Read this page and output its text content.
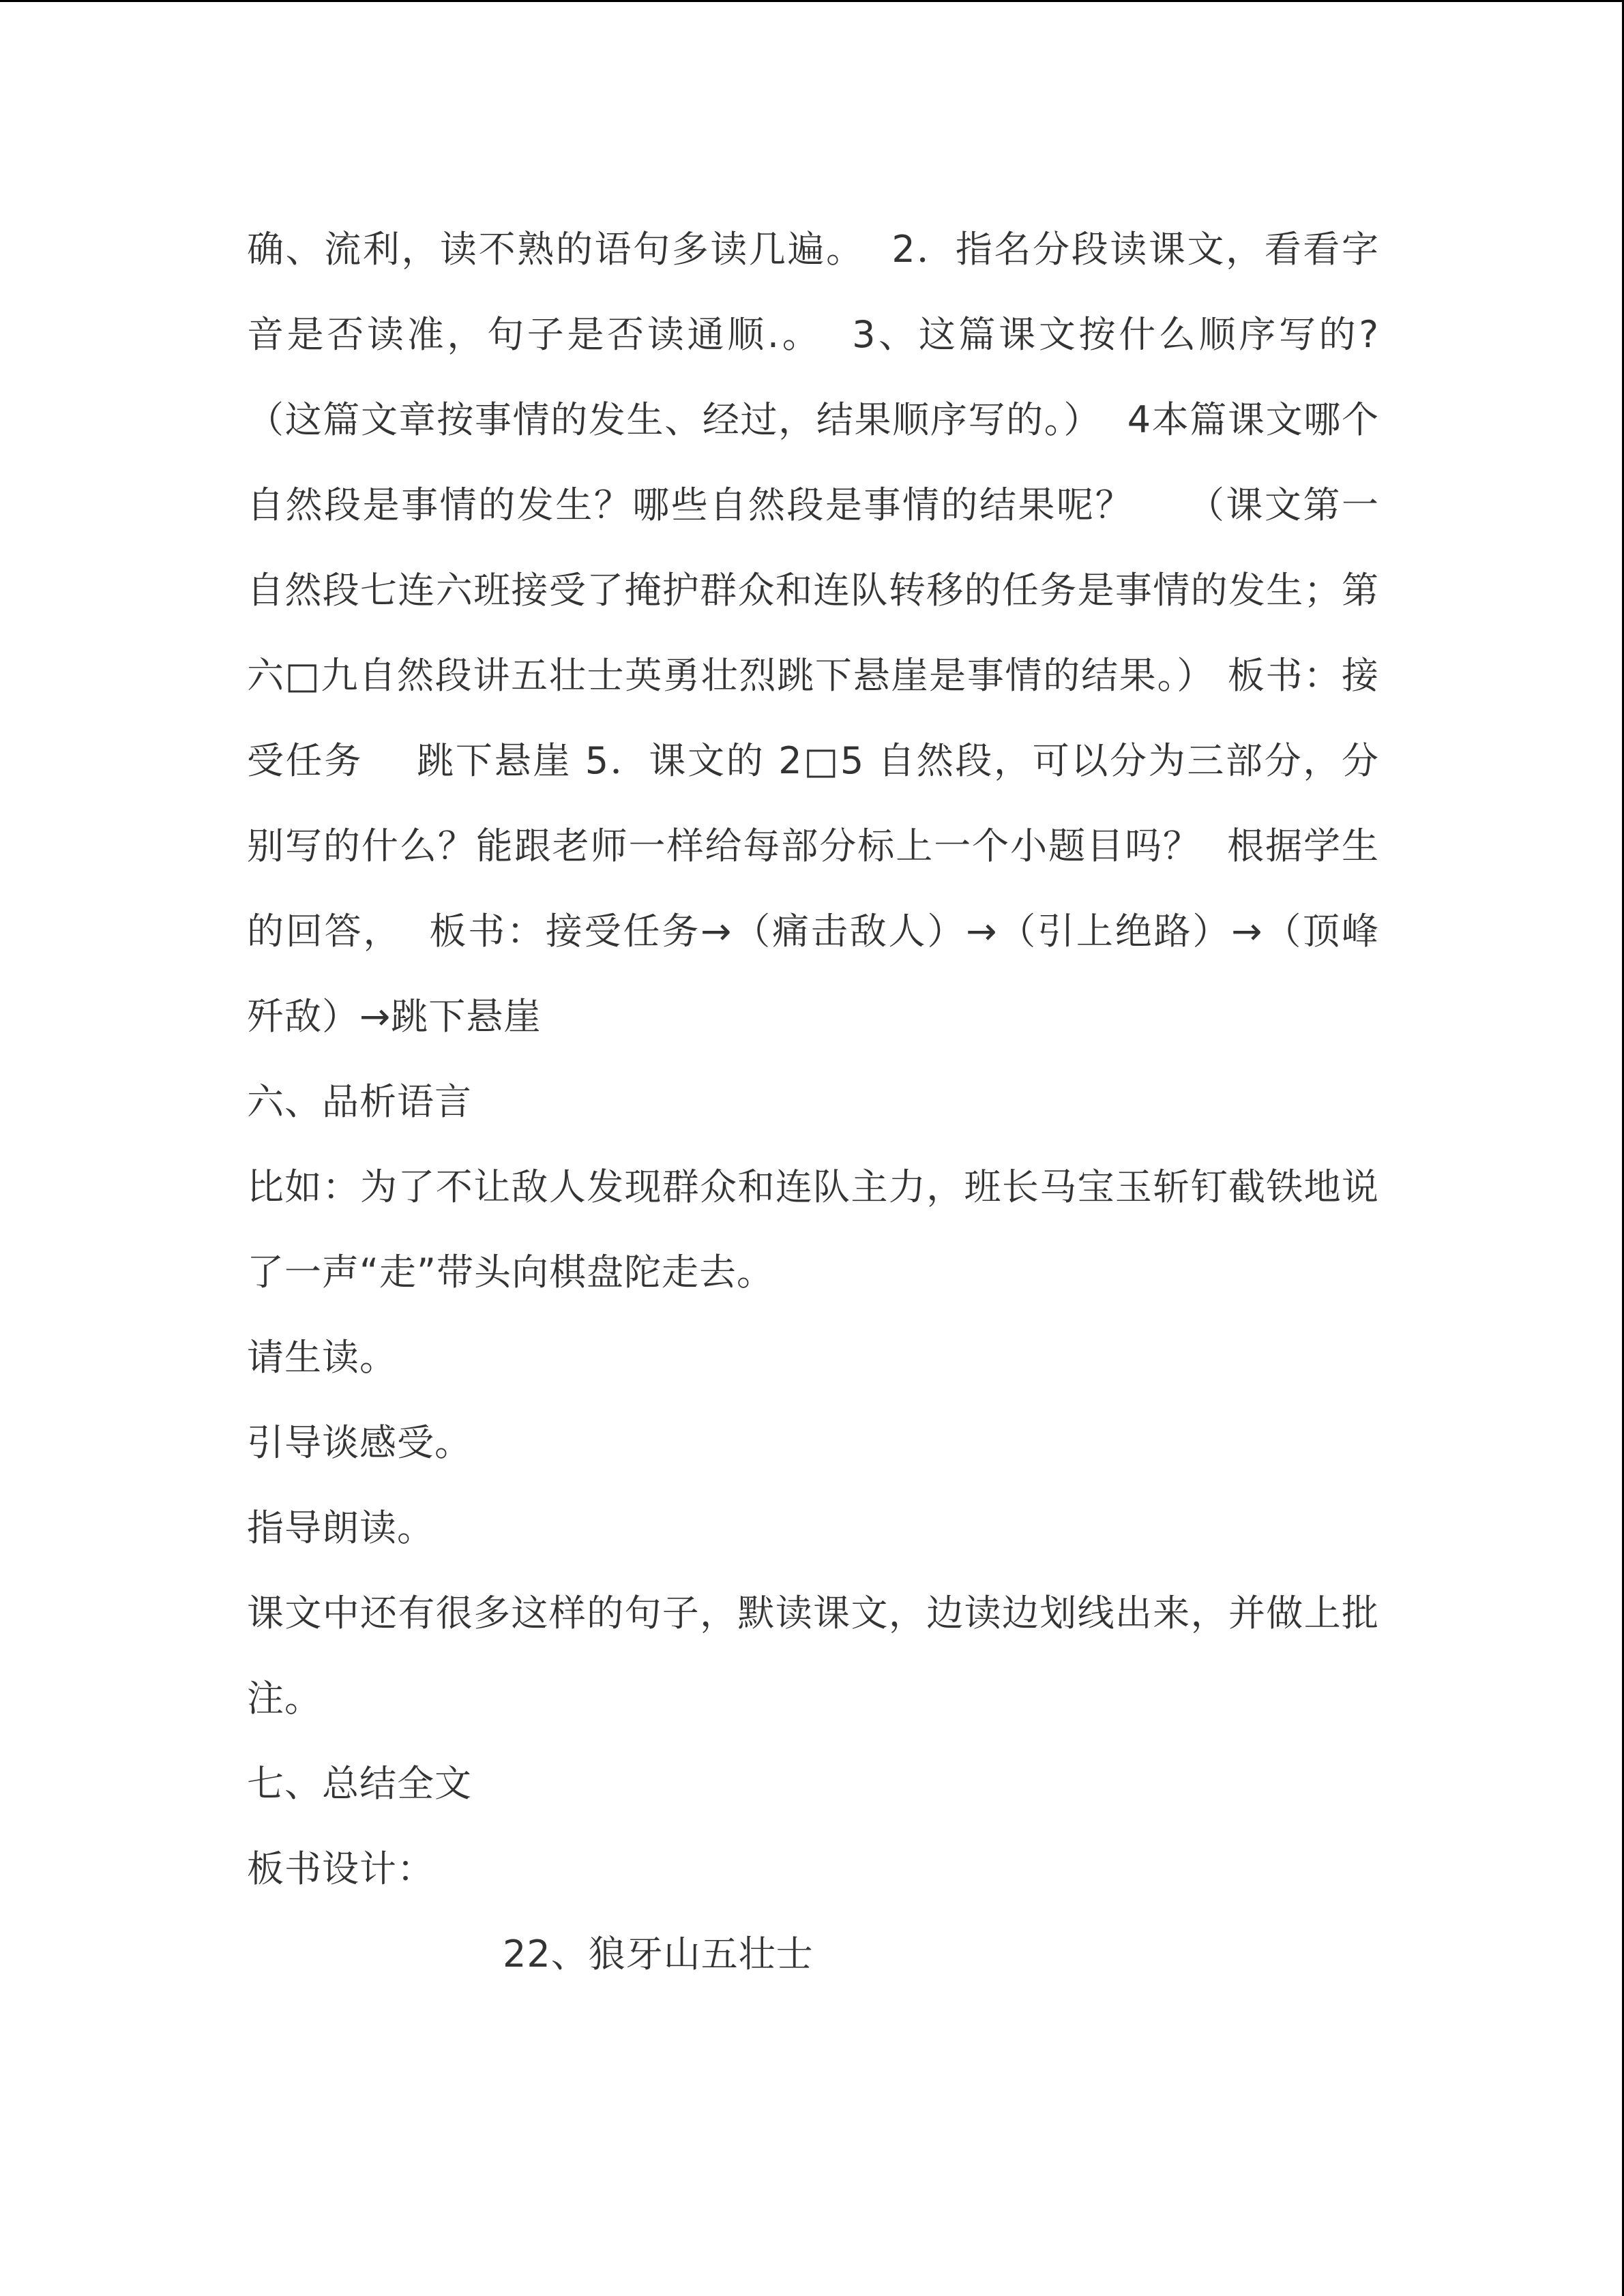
确、流利，读不熟的语句多读几遍。  2．指名分段读课文，看看字音是否读准，句子是否读通顺.。  3、这篇课文按什么顺序写的?  （这篇文章按事情的发生、经过，结果顺序写的。）  4本篇课文哪个自然段是事情的发生？哪些自然段是事情的结果呢？    （课文第一自然段七连六班接受了掩护群众和连队转移的任务是事情的发生；第六□九自然段讲五壮士英勇壮烈跳下悬崖是事情的结果。） 板书：接受任务    跳下悬崖 5．课文的 2□5 自然段，可以分为三部分，分别写的什么？能跟老师一样给每部分标上一个小题目吗？  根据学生的回答，  板书：接受任务→（痛击敌人）→（引上绝路）→（顶峰歼敌）→跳下悬崖

六、品析语言

比如：为了不让敌人发现群众和连队主力，班长马宝玉斩钉截铁地说了一声“走”带头向棋盘陀走去。

请生读。

引导谈感受。

指导朗读。

课文中还有很多这样的句子，默读课文，边读边划线出来，并做上批注。

七、总结全文

板书设计：

22、狼牙山五壮士
